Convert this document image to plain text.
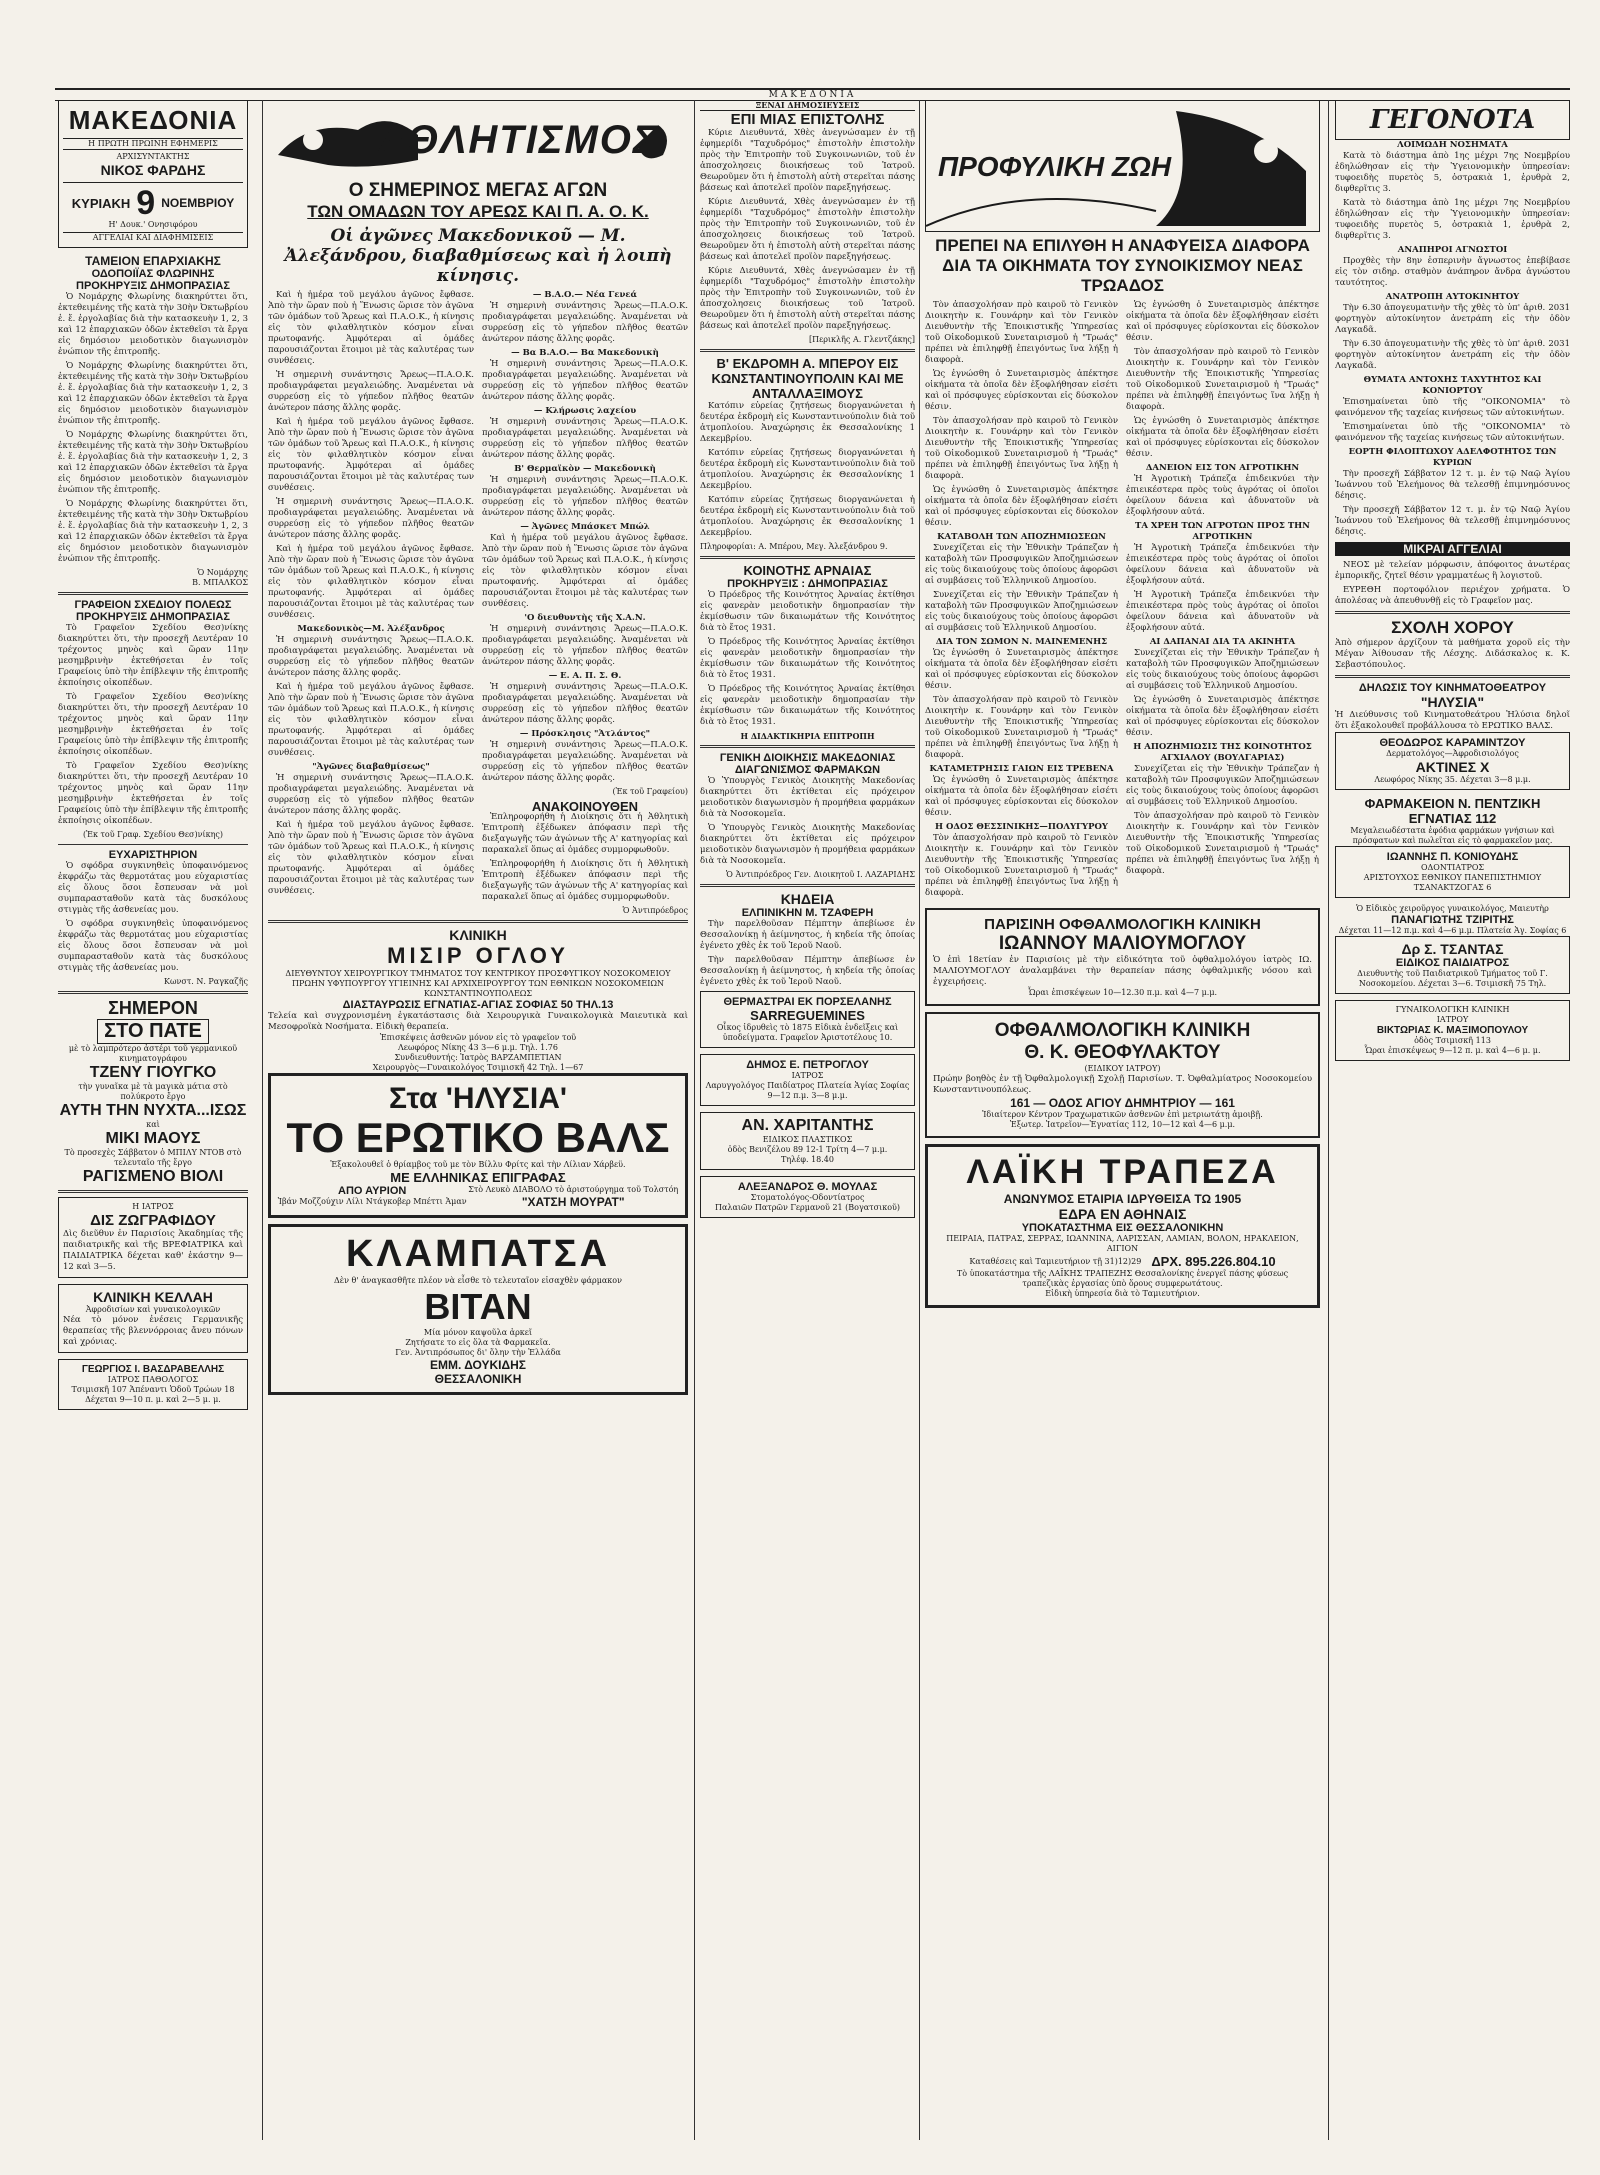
ΜΑΚΕΔΟΝΙΑ
ΜΑΚΕΔΟΝΙΑ
Η ΠΡΩΤΗ ΠΡΩΪΝΗ ΕΦΗΜΕΡΙΣ
ΑΡΧΙΣΥΝΤΑΚΤΗΣ
ΝΙΚΟΣ ΦΑΡΔΗΣ
ΚΥΡΙΑΚΗ 9 ΝΟΕΜΒΡΙΟΥ
Η' Δουκ.' Ονησιφόρου
ΑΓΓΕΛΙΑΙ ΚΑΙ ΔΙΑΦΗΜΙΣΕΙΣ
ΤΑΜΕΙΟΝ ΕΠΑΡΧΙΑΚΗΣ
ΟΔΟΠΟΙΪΑΣ ΦΛΩΡΙΝΗΣ
ΠΡΟΚΗΡΥΞΙΣ ΔΗΜΟΠΡΑΣΙΑΣ

Ὁ Νομάρχης Φλωρίνης διακηρύττει ὅτι, ἐκτεθειμένης τῆς κατὰ τὴν 30ὴν Ὀκτωβρίου ἐ. ἔ. ἐργολαβίας διὰ τὴν κατασκευὴν 1, 2, 3 καὶ 12 ἐπαρχιακῶν ὁδῶν ἐκτεθεῖσι τὰ ἔργα εἰς δημόσιον μειοδοτικὸν διαγωνισμὸν ἐνώπιον τῆς ἐπιτροπῆς.

Ὁ Νομάρχης Φλωρίνης διακηρύττει ὅτι, ἐκτεθειμένης τῆς κατὰ τὴν 30ὴν Ὀκτωβρίου ἐ. ἔ. ἐργολαβίας διὰ τὴν κατασκευὴν 1, 2, 3 καὶ 12 ἐπαρχιακῶν ὁδῶν ἐκτεθεῖσι τὰ ἔργα εἰς δημόσιον μειοδοτικὸν διαγωνισμὸν ἐνώπιον τῆς ἐπιτροπῆς.

Ὁ Νομάρχης Φλωρίνης διακηρύττει ὅτι, ἐκτεθειμένης τῆς κατὰ τὴν 30ὴν Ὀκτωβρίου ἐ. ἔ. ἐργολαβίας διὰ τὴν κατασκευὴν 1, 2, 3 καὶ 12 ἐπαρχιακῶν ὁδῶν ἐκτεθεῖσι τὰ ἔργα εἰς δημόσιον μειοδοτικὸν διαγωνισμὸν ἐνώπιον τῆς ἐπιτροπῆς.

Ὁ Νομάρχης Φλωρίνης διακηρύττει ὅτι, ἐκτεθειμένης τῆς κατὰ τὴν 30ὴν Ὀκτωβρίου ἐ. ἔ. ἐργολαβίας διὰ τὴν κατασκευὴν 1, 2, 3 καὶ 12 ἐπαρχιακῶν ὁδῶν ἐκτεθεῖσι τὰ ἔργα εἰς δημόσιον μειοδοτικὸν διαγωνισμὸν ἐνώπιον τῆς ἐπιτροπῆς.

Ὁ Νομάρχης
Β. ΜΠΑΛΚΟΣ
ΓΡΑΦΕΙΟΝ ΣΧΕΔΙΟΥ ΠΟΛΕΩΣ
ΠΡΟΚΗΡΥΞΙΣ ΔΗΜΟΠΡΑΣΙΑΣ

Τὸ Γραφεῖον Σχεδίου Θεσ)νίκης διακηρύττει ὅτι, τὴν προσεχῆ Δευτέραν 10 τρέχοντος μηνὸς καὶ ὥραν 11ην μεσημβρινὴν ἐκτεθήσεται ἐν τοῖς Γραφείοις ὑπὸ τὴν ἐπίβλεψιν τῆς ἐπιτροπῆς ἐκποίησις οἰκοπέδων.

Τὸ Γραφεῖον Σχεδίου Θεσ)νίκης διακηρύττει ὅτι, τὴν προσεχῆ Δευτέραν 10 τρέχοντος μηνὸς καὶ ὥραν 11ην μεσημβρινὴν ἐκτεθήσεται ἐν τοῖς Γραφείοις ὑπὸ τὴν ἐπίβλεψιν τῆς ἐπιτροπῆς ἐκποίησις οἰκοπέδων.

Τὸ Γραφεῖον Σχεδίου Θεσ)νίκης διακηρύττει ὅτι, τὴν προσεχῆ Δευτέραν 10 τρέχοντος μηνὸς καὶ ὥραν 11ην μεσημβρινὴν ἐκτεθήσεται ἐν τοῖς Γραφείοις ὑπὸ τὴν ἐπίβλεψιν τῆς ἐπιτροπῆς ἐκποίησις οἰκοπέδων.

(Ἐκ τοῦ Γραφ. Σχεδίου Θεσ)νίκης)
ΕΥΧΑΡΙΣΤΗΡΙΟΝ

Ὁ σφόδρα συγκινηθεὶς ὑποφαινόμενος ἐκφράζω τὰς θερμοτάτας μου εὐχαριστίας εἰς ὅλους ὅσοι ἔσπευσαν νὰ μοὶ συμπαρασταθοῦν κατὰ τὰς δυσκόλους στιγμὰς τῆς ἀσθενείας μου.

Ὁ σφόδρα συγκινηθεὶς ὑποφαινόμενος ἐκφράζω τὰς θερμοτάτας μου εὐχαριστίας εἰς ὅλους ὅσοι ἔσπευσαν νὰ μοὶ συμπαρασταθοῦν κατὰ τὰς δυσκόλους στιγμὰς τῆς ἀσθενείας μου.

Κωνστ. Ν. Ραγκαζῆς
ΣΗΜΕΡΟΝ
ΣΤΟ ΠΑΤΕ
μὲ τὸ λαμπρότερο ἀστέρι τοῦ γερμανικοῦ κινηματογράφου
ΤΖΕΝΥ ΓΙΟΥΓΚΟ
τὴν γυναῖκα μὲ τὰ μαγικὰ μάτια στὸ πολύκροτο ἔργο
ΑΥΤΗ ΤΗΝ ΝΥΧΤΑ...ΙΣΩΣ
καὶ
ΜΙΚΙ ΜΑΟΥΣ
Τὸ προσεχὲς Σάββατον ὁ ΜΠΙΛΥ ΝΤΟΒ στὸ τελευταῖο τῆς ἔργο
ΡΑΓΙΣΜΕΝΟ ΒΙΟΛΙ
Η ΙΑΤΡΟΣ
ΔΙΣ ΖΩΓΡΑΦΙΔΟΥ
Δὶς διεῦθυν ἐν Παρισίοις Ἀκαδημίας τῆς παιδιατρικῆς καὶ τῆς ΒΡΕΦΙΑΤΡΙΚΑ καὶ ΠΑΙΔΙΑΤΡΙΚΑ δέχεται καθ' ἑκάστην 9—12 καὶ 3—5.
ΚΛΙΝΙΚΗ ΚΕΛΛΑΗ
Ἀφροδισίων καὶ γυναικολογικῶν
Νέα τὸ μόνον ἐνέσεις Γερμανικῆς θεραπείας τῆς βλεννόρροιας ἄνευ πόνων καὶ χρόνιας.
ΓΕΩΡΓΙΟΣ Ι. ΒΑΣΔΡΑΒΕΛΛΗΣ
ΙΑΤΡΟΣ ΠΑΘΟΛΟΓΟΣ
Τσιμισκῆ 107 Ἀπέναντι Ὁδοῦ Τρώων 18
Δέχεται 9—10 π. μ. καὶ 2—5 μ. μ.
ΑΘΛΗΤΙΣΜΟΣ
Ο ΣΗΜΕΡΙΝΟΣ ΜΕΓΑΣ ΑΓΩΝ
ΤΩΝ ΟΜΑΔΩΝ ΤΟΥ ΑΡΕΩΣ ΚΑΙ Π. Α. Ο. Κ.
Οἱ ἀγῶνες Μακεδονικοῦ — Μ. Ἀλεξάνδρου, διαβαθμίσεως καὶ ἡ λοιπὴ κίνησις.

Καὶ ἡ ἡμέρα τοῦ μεγάλου ἀγῶνος ἔφθασε. Ἀπὸ τὴν ὥραν ποὺ ἡ Ἕνωσις ὥρισε τὸν ἀγῶνα τῶν ὁμάδων τοῦ Ἄρεως καὶ Π.Α.Ο.Κ., ἡ κίνησις εἰς τὸν φιλαθλητικὸν κόσμον εἶναι πρωτοφανής. Ἀμφότεραι αἱ ὁμάδες παρουσιάζονται ἕτοιμοι μὲ τὰς καλυτέρας των συνθέσεις.

Ἡ σημερινὴ συνάντησις Ἄρεως—Π.Α.Ο.Κ. προδιαγράφεται μεγαλειώδης. Ἀναμένεται νὰ συρρεύσῃ εἰς τὸ γήπεδον πλῆθος θεατῶν ἀνώτερον πάσης ἄλλης φορᾶς.

Καὶ ἡ ἡμέρα τοῦ μεγάλου ἀγῶνος ἔφθασε. Ἀπὸ τὴν ὥραν ποὺ ἡ Ἕνωσις ὥρισε τὸν ἀγῶνα τῶν ὁμάδων τοῦ Ἄρεως καὶ Π.Α.Ο.Κ., ἡ κίνησις εἰς τὸν φιλαθλητικὸν κόσμον εἶναι πρωτοφανής. Ἀμφότεραι αἱ ὁμάδες παρουσιάζονται ἕτοιμοι μὲ τὰς καλυτέρας των συνθέσεις.

Ἡ σημερινὴ συνάντησις Ἄρεως—Π.Α.Ο.Κ. προδιαγράφεται μεγαλειώδης. Ἀναμένεται νὰ συρρεύσῃ εἰς τὸ γήπεδον πλῆθος θεατῶν ἀνώτερον πάσης ἄλλης φορᾶς.

Καὶ ἡ ἡμέρα τοῦ μεγάλου ἀγῶνος ἔφθασε. Ἀπὸ τὴν ὥραν ποὺ ἡ Ἕνωσις ὥρισε τὸν ἀγῶνα τῶν ὁμάδων τοῦ Ἄρεως καὶ Π.Α.Ο.Κ., ἡ κίνησις εἰς τὸν φιλαθλητικὸν κόσμον εἶναι πρωτοφανής. Ἀμφότεραι αἱ ὁμάδες παρουσιάζονται ἕτοιμοι μὲ τὰς καλυτέρας των συνθέσεις.

Μακεδονικὸς—Μ. Ἀλέξανδρος

Ἡ σημερινὴ συνάντησις Ἄρεως—Π.Α.Ο.Κ. προδιαγράφεται μεγαλειώδης. Ἀναμένεται νὰ συρρεύσῃ εἰς τὸ γήπεδον πλῆθος θεατῶν ἀνώτερον πάσης ἄλλης φορᾶς.

Καὶ ἡ ἡμέρα τοῦ μεγάλου ἀγῶνος ἔφθασε. Ἀπὸ τὴν ὥραν ποὺ ἡ Ἕνωσις ὥρισε τὸν ἀγῶνα τῶν ὁμάδων τοῦ Ἄρεως καὶ Π.Α.Ο.Κ., ἡ κίνησις εἰς τὸν φιλαθλητικὸν κόσμον εἶναι πρωτοφανής. Ἀμφότεραι αἱ ὁμάδες παρουσιάζονται ἕτοιμοι μὲ τὰς καλυτέρας των συνθέσεις.

"Ἀγῶνες διαβαθμίσεως"

Ἡ σημερινὴ συνάντησις Ἄρεως—Π.Α.Ο.Κ. προδιαγράφεται μεγαλειώδης. Ἀναμένεται νὰ συρρεύσῃ εἰς τὸ γήπεδον πλῆθος θεατῶν ἀνώτερον πάσης ἄλλης φορᾶς.

Καὶ ἡ ἡμέρα τοῦ μεγάλου ἀγῶνος ἔφθασε. Ἀπὸ τὴν ὥραν ποὺ ἡ Ἕνωσις ὥρισε τὸν ἀγῶνα τῶν ὁμάδων τοῦ Ἄρεως καὶ Π.Α.Ο.Κ., ἡ κίνησις εἰς τὸν φιλαθλητικὸν κόσμον εἶναι πρωτοφανής. Ἀμφότεραι αἱ ὁμάδες παρουσιάζονται ἕτοιμοι μὲ τὰς καλυτέρας των συνθέσεις.

— Β.Α.Ο.— Νέα Γενεά

Ἡ σημερινὴ συνάντησις Ἄρεως—Π.Α.Ο.Κ. προδιαγράφεται μεγαλειώδης. Ἀναμένεται νὰ συρρεύσῃ εἰς τὸ γήπεδον πλῆθος θεατῶν ἀνώτερον πάσης ἄλλης φορᾶς.

— Βα Β.Α.Ο.— Βα Μακεδονικὴ

Ἡ σημερινὴ συνάντησις Ἄρεως—Π.Α.Ο.Κ. προδιαγράφεται μεγαλειώδης. Ἀναμένεται νὰ συρρεύσῃ εἰς τὸ γήπεδον πλῆθος θεατῶν ἀνώτερον πάσης ἄλλης φορᾶς.

— Κλήρωσις λαχείου

Ἡ σημερινὴ συνάντησις Ἄρεως—Π.Α.Ο.Κ. προδιαγράφεται μεγαλειώδης. Ἀναμένεται νὰ συρρεύσῃ εἰς τὸ γήπεδον πλῆθος θεατῶν ἀνώτερον πάσης ἄλλης φορᾶς.

Β' Θερμαϊκὸν — Μακεδονικὴ

Ἡ σημερινὴ συνάντησις Ἄρεως—Π.Α.Ο.Κ. προδιαγράφεται μεγαλειώδης. Ἀναμένεται νὰ συρρεύσῃ εἰς τὸ γήπεδον πλῆθος θεατῶν ἀνώτερον πάσης ἄλλης φορᾶς.

— Ἀγῶνες Μπάσκετ Μπώλ

Καὶ ἡ ἡμέρα τοῦ μεγάλου ἀγῶνος ἔφθασε. Ἀπὸ τὴν ὥραν ποὺ ἡ Ἕνωσις ὥρισε τὸν ἀγῶνα τῶν ὁμάδων τοῦ Ἄρεως καὶ Π.Α.Ο.Κ., ἡ κίνησις εἰς τὸν φιλαθλητικὸν κόσμον εἶναι πρωτοφανής. Ἀμφότεραι αἱ ὁμάδες παρουσιάζονται ἕτοιμοι μὲ τὰς καλυτέρας των συνθέσεις.

'Ο διευθυντὴς τῆς Χ.Α.Ν.

Ἡ σημερινὴ συνάντησις Ἄρεως—Π.Α.Ο.Κ. προδιαγράφεται μεγαλειώδης. Ἀναμένεται νὰ συρρεύσῃ εἰς τὸ γήπεδον πλῆθος θεατῶν ἀνώτερον πάσης ἄλλης φορᾶς.

— Ε. Α. Π. Σ. Θ.

Ἡ σημερινὴ συνάντησις Ἄρεως—Π.Α.Ο.Κ. προδιαγράφεται μεγαλειώδης. Ἀναμένεται νὰ συρρεύσῃ εἰς τὸ γήπεδον πλῆθος θεατῶν ἀνώτερον πάσης ἄλλης φορᾶς.

— Πρόσκλησις "Ἀτλάντος"

Ἡ σημερινὴ συνάντησις Ἄρεως—Π.Α.Ο.Κ. προδιαγράφεται μεγαλειώδης. Ἀναμένεται νὰ συρρεύσῃ εἰς τὸ γήπεδον πλῆθος θεατῶν ἀνώτερον πάσης ἄλλης φορᾶς.

(Ἐκ τοῦ Γραφείου)
ΑΝΑΚΟΙΝΟΥΘΕΝ

Ἐπληροφορήθη ἡ Διοίκησις ὅτι ἡ Ἀθλητικὴ Ἐπιτροπὴ ἐξέδωκεν ἀπόφασιν περὶ τῆς διεξαγωγῆς τῶν ἀγώνων τῆς Α' κατηγορίας καὶ παρακαλεῖ ὅπως αἱ ὁμάδες συμμορφωθοῦν.

Ἐπληροφορήθη ἡ Διοίκησις ὅτι ἡ Ἀθλητικὴ Ἐπιτροπὴ ἐξέδωκεν ἀπόφασιν περὶ τῆς διεξαγωγῆς τῶν ἀγώνων τῆς Α' κατηγορίας καὶ παρακαλεῖ ὅπως αἱ ὁμάδες συμμορφωθοῦν.

Ὁ Ἀντιπρόεδρος
ΚΛΙΝΙΚΗ
ΜΙΣΙΡ ΟΓΛΟΥ
ΔΙΕΥΘΥΝΤΟΥ ΧΕΙΡΟΥΡΓΙΚΟΥ ΤΜΗΜΑΤΟΣ ΤΟΥ ΚΕΝΤΡΙΚΟΥ ΠΡΟΣΦΥΓΙΚΟΥ ΝΟΣΟΚΟΜΕΙΟΥ
ΠΡΩΗΝ ΥΦΥΠΟΥΡΓΟΥ ΥΓΙΕΙΝΗΣ ΚΑΙ ΑΡΧΙΧΕΙΡΟΥΡΓΟΥ ΤΩΝ ΕΘΝΙΚΩΝ ΝΟΣΟΚΟΜΕΙΩΝ ΚΩΝΣΤΑΝΤΙΝΟΥΠΟΛΕΩΣ
ΔΙΑΣΤΑΥΡΩΣΙΣ ΕΓΝΑΤΙΑΣ-ΑΓΙΑΣ ΣΟΦΙΑΣ 50 ΤΗΛ.13
Τελεία καὶ συγχρονισμένη ἐγκατάστασις διὰ Χειρουργικὰ Γυναικολογικὰ Μαιευτικὰ καὶ Μεσοφροϊκὰ Νοσήματα. Εἰδικὴ θεραπεία.
Ἐπισκέψεις ἀσθενῶν μόνον εἰς τὸ γραφεῖον τοῦ
Λεωφόρος Νίκης 43 3—6 μ.μ. Τηλ. 1.76
Συνδιευθυντής: Ἰατρὸς ΒΑΡΖΑΜΠΕΤΙΑΝ
Χειρουργὸς—Γυναικολόγος Τσιμισκῆ 42 Τηλ. 1—67
Στα 'ΗΛΥΣΙΑ'
ΤΟ ΕΡΩΤΙΚΟ ΒΑΛΣ
Ἐξακολουθεῖ ὁ θρίαμβος τοῦ με τὸν Βίλλυ Φρίτς καὶ τὴν Λίλιαν Χάρβεϋ.
ΜΕ ΕΛΛΗΝΙΚΑΣ ΕΠΙΓΡΑΦΑΣ
ΑΠΟ ΑΥΡΙΟΝ
Ἰβάν Μοζζούχιν Λίλι Ντάγκοβερ Μπέττι Ἀμαν
Στὸ Λευκὸ ΔΙΑΒΟΛΟ τὸ ἀριστούργημα τοῦ Τολστόη
"ΧΑΤΣΗ ΜΟΥΡΑΤ"
ΚΛΑΜΠΑΤΣΑ
Δὲν θ' ἀναγκασθῆτε πλέον νὰ εἶσθε τὸ τελευταῖον εἰσαχθὲν φάρμακον
ΒΙΤΑΝ
Μία μόνον καψοῦλα ἀρκεῖ
Ζητήσατε το εἰς ὅλα τὰ Φαρμακεῖα.
Γεν. Ἀντιπρόσωπος δι' ὅλην τὴν Ἑλλάδα
ΕΜΜ. ΔΟΥΚΙΔΗΣ
ΘΕΣΣΑΛΟΝΙΚΗ
ΞΕΝΑΙ ΔΗΜΟΣΙΕΥΣΕΙΣ
ΕΠΙ ΜΙΑΣ ΕΠΙΣΤΟΛΗΣ

Κύριε Διευθυντά, Χθὲς ἀνεγνώσαμεν ἐν τῇ ἐφημερίδι "Ταχυδρόμος" ἐπιστολὴν ἐπιστολὴν πρὸς τὴν Ἐπιτροπὴν τοῦ Συγκοινωνιῶν, τοῦ ἐν ἀποσχολησεις διοικήσεως τοῦ Ἱατροῦ. Θεωροῦμεν ὅτι ἡ ἐπιστολὴ αὐτὴ στερεῖται πάσης βάσεως καὶ ἀποτελεῖ προϊὸν παρεξηγήσεως.

Κύριε Διευθυντά, Χθὲς ἀνεγνώσαμεν ἐν τῇ ἐφημερίδι "Ταχυδρόμος" ἐπιστολὴν ἐπιστολὴν πρὸς τὴν Ἐπιτροπὴν τοῦ Συγκοινωνιῶν, τοῦ ἐν ἀποσχολησεις διοικήσεως τοῦ Ἱατροῦ. Θεωροῦμεν ὅτι ἡ ἐπιστολὴ αὐτὴ στερεῖται πάσης βάσεως καὶ ἀποτελεῖ προϊὸν παρεξηγήσεως.

Κύριε Διευθυντά, Χθὲς ἀνεγνώσαμεν ἐν τῇ ἐφημερίδι "Ταχυδρόμος" ἐπιστολὴν ἐπιστολὴν πρὸς τὴν Ἐπιτροπὴν τοῦ Συγκοινωνιῶν, τοῦ ἐν ἀποσχολησεις διοικήσεως τοῦ Ἱατροῦ. Θεωροῦμεν ὅτι ἡ ἐπιστολὴ αὐτὴ στερεῖται πάσης βάσεως καὶ ἀποτελεῖ προϊὸν παρεξηγήσεως.

[Περικλῆς Α. Γλεντζάκης]
Β' ΕΚΔΡΟΜΗ Α. ΜΠΕΡΟΥ ΕΙΣ ΚΩΝΣΤΑΝΤΙΝΟΥΠΟΛΙΝ ΚΑΙ ΜΕ ΑΝΤΑΛΛΑΞΙΜΟΥΣ

Κατόπιν εὐρείας ζητήσεως διοργανώνεται ἡ δευτέρα ἐκδρομὴ εἰς Κωνσταντινούπολιν διὰ τοῦ ἀτμοπλοίου. Ἀναχώρησις ἐκ Θεσσαλονίκης 1 Δεκεμβρίου.

Κατόπιν εὐρείας ζητήσεως διοργανώνεται ἡ δευτέρα ἐκδρομὴ εἰς Κωνσταντινούπολιν διὰ τοῦ ἀτμοπλοίου. Ἀναχώρησις ἐκ Θεσσαλονίκης 1 Δεκεμβρίου.

Κατόπιν εὐρείας ζητήσεως διοργανώνεται ἡ δευτέρα ἐκδρομὴ εἰς Κωνσταντινούπολιν διὰ τοῦ ἀτμοπλοίου. Ἀναχώρησις ἐκ Θεσσαλονίκης 1 Δεκεμβρίου.

Πληροφορίαι: Α. Μπέρου, Μεγ. Ἀλεξάνδρου 9.
ΚΟΙΝΟΤΗΣ ΑΡΝΑΙΑΣ
ΠΡΟΚΗΡΥΞΙΣ : ΔΗΜΟΠΡΑΣΙΑΣ

Ὁ Πρόεδρος τῆς Κοινότητος Ἀρναίας ἐκτίθησι εἰς φανερὰν μειοδοτικὴν δημοπρασίαν τὴν ἐκμίσθωσιν τῶν δικαιωμάτων τῆς Κοινότητος διὰ τὸ ἔτος 1931.

Ὁ Πρόεδρος τῆς Κοινότητος Ἀρναίας ἐκτίθησι εἰς φανερὰν μειοδοτικὴν δημοπρασίαν τὴν ἐκμίσθωσιν τῶν δικαιωμάτων τῆς Κοινότητος διὰ τὸ ἔτος 1931.

Ὁ Πρόεδρος τῆς Κοινότητος Ἀρναίας ἐκτίθησι εἰς φανερὰν μειοδοτικὴν δημοπρασίαν τὴν ἐκμίσθωσιν τῶν δικαιωμάτων τῆς Κοινότητος διὰ τὸ ἔτος 1931.

Η ΔΙΔΑΚΤΙΚΗΡΙΑ ΕΠΙΤΡΟΠΗ
ΓΕΝΙΚΗ ΔΙΟΙΚΗΣΙΣ ΜΑΚΕΔΟΝΙΑΣ
ΔΙΑΓΩΝΙΣΜΟΣ ΦΑΡΜΑΚΩΝ

Ὁ Ὑπουργὸς Γενικὸς Διοικητὴς Μακεδονίας διακηρύττει ὅτι ἐκτίθεται εἰς πρόχειρον μειοδοτικὸν διαγωνισμὸν ἡ προμήθεια φαρμάκων διὰ τὰ Νοσοκομεῖα.

Ὁ Ὑπουργὸς Γενικὸς Διοικητὴς Μακεδονίας διακηρύττει ὅτι ἐκτίθεται εἰς πρόχειρον μειοδοτικὸν διαγωνισμὸν ἡ προμήθεια φαρμάκων διὰ τὰ Νοσοκομεῖα.

Ὁ Ἀντιπρόεδρος Γεν. Διοικητοῦ Ι. ΛΑΖΑΡΙΔΗΣ
ΚΗΔΕΙΑ
ΕΛΠΙΝΙΚΗΝ Μ. ΤΖΑΦΕΡΗ

Τὴν παρελθοῦσαν Πέμπτην ἀπεβίωσε ἐν Θεσσαλονίκῃ ἡ ἀείμνηστος, ἡ κηδεία τῆς ὁποίας ἐγένετο χθὲς ἐκ τοῦ Ἱεροῦ Ναοῦ.

Τὴν παρελθοῦσαν Πέμπτην ἀπεβίωσε ἐν Θεσσαλονίκῃ ἡ ἀείμνηστος, ἡ κηδεία τῆς ὁποίας ἐγένετο χθὲς ἐκ τοῦ Ἱεροῦ Ναοῦ.

ΘΕΡΜΑΣΤΡΑΙ ΕΚ ΠΟΡΣΕΛΑΝΗΣ
SARREGUEMINES
Οἶκος ἱδρυθεὶς τὸ 1875 Εἰδικὰ ἐνδεῖξεις καὶ ὑποδείγματα. Γραφεῖον Ἀριστοτέλους 10.
ΔΗΜΟΣ Ε. ΠΕΤΡΟΓΛΟΥ
ΙΑΤΡΟΣ
Λαρυγγολόγος Παιδίατρος Πλατεία Ἁγίας Σοφίας 9—12 π.μ. 3—8 μ.μ.
ΑΝ. ΧΑΡΙΤΑΝΤΗΣ
ΕΙΔΙΚΟΣ ΠΛΑΣΤΙΚΟΣ
ὁδὸς Βενιζέλου 89 12-1 Τρίτη 4—7 μ.μ.
Τηλέφ. 18.40
ΑΛΕΞΑΝΔΡΟΣ Θ. ΜΟΥΛΑΣ
Στοματολόγος-Οδοντίατρος
Παλαιῶν Πατρῶν Γερμανοῦ 21 (Βογατσικοῦ)
ΠΡΟΦΥΛΙΚΗ ΖΩΗ
ΠΡΕΠΕΙ ΝΑ ΕΠΙΛΥΘΗ Η ΑΝΑΦΥΕΙΣΑ ΔΙΑΦΟΡΑ ΔΙΑ ΤΑ ΟΙΚΗΜΑΤΑ ΤΟΥ ΣΥΝΟΙΚΙΣΜΟΥ ΝΕΑΣ ΤΡΩΑΔΟΣ

Τὸν ἀπασχολήσαν πρὸ καιροῦ τὸ Γενικὸν Διοικητὴν κ. Γουνάρην καὶ τὸν Γενικὸν Διευθυντὴν τῆς Ἐποικιστικῆς Ὑπηρεσίας τοῦ Οἰκοδομικοῦ Συνεταιρισμοῦ ἡ "Τρωάς" πρέπει νὰ ἐπιληφθῇ ἐπειγόντως ἵνα λήξῃ ἡ διαφορὰ.

Ὡς ἐγνώσθη ὁ Συνεταιρισμὸς ἀπέκτησε οἰκήματα τὰ ὁποῖα δὲν ἐξοφλήθησαν εἰσέτι καὶ οἱ πρόσφυγες εὑρίσκονται εἰς δύσκολον θέσιν.

Τὸν ἀπασχολήσαν πρὸ καιροῦ τὸ Γενικὸν Διοικητὴν κ. Γουνάρην καὶ τὸν Γενικὸν Διευθυντὴν τῆς Ἐποικιστικῆς Ὑπηρεσίας τοῦ Οἰκοδομικοῦ Συνεταιρισμοῦ ἡ "Τρωάς" πρέπει νὰ ἐπιληφθῇ ἐπειγόντως ἵνα λήξῃ ἡ διαφορὰ.

Ὡς ἐγνώσθη ὁ Συνεταιρισμὸς ἀπέκτησε οἰκήματα τὰ ὁποῖα δὲν ἐξοφλήθησαν εἰσέτι καὶ οἱ πρόσφυγες εὑρίσκονται εἰς δύσκολον θέσιν.

ΚΑΤΑΒΟΛΗ ΤΩΝ ΑΠΟΖΗΜΙΩΣΕΩΝ

Συνεχίζεται εἰς τὴν Ἐθνικὴν Τράπεζαν ἡ καταβολὴ τῶν Προσφυγικῶν Ἀποζημιώσεων εἰς τοὺς δικαιούχους τοὺς ὁποίους ἀφορῶσι αἱ συμβάσεις τοῦ Ἑλληνικοῦ Δημοσίου.

Συνεχίζεται εἰς τὴν Ἐθνικὴν Τράπεζαν ἡ καταβολὴ τῶν Προσφυγικῶν Ἀποζημιώσεων εἰς τοὺς δικαιούχους τοὺς ὁποίους ἀφορῶσι αἱ συμβάσεις τοῦ Ἑλληνικοῦ Δημοσίου.

ΔΙΑ ΤΟΝ ΣΩΜΟΝ Ν. ΜΑΙΝΕΜΕΝΗΣ

Ὡς ἐγνώσθη ὁ Συνεταιρισμὸς ἀπέκτησε οἰκήματα τὰ ὁποῖα δὲν ἐξοφλήθησαν εἰσέτι καὶ οἱ πρόσφυγες εὑρίσκονται εἰς δύσκολον θέσιν.

Τὸν ἀπασχολήσαν πρὸ καιροῦ τὸ Γενικὸν Διοικητὴν κ. Γουνάρην καὶ τὸν Γενικὸν Διευθυντὴν τῆς Ἐποικιστικῆς Ὑπηρεσίας τοῦ Οἰκοδομικοῦ Συνεταιρισμοῦ ἡ "Τρωάς" πρέπει νὰ ἐπιληφθῇ ἐπειγόντως ἵνα λήξῃ ἡ διαφορὰ.

ΚΑΤΑΜΕΤΡΗΣΙΣ ΓΑΙΩΝ ΕΙΣ ΤΡΕΒΕΝΑ

Ὡς ἐγνώσθη ὁ Συνεταιρισμὸς ἀπέκτησε οἰκήματα τὰ ὁποῖα δὲν ἐξοφλήθησαν εἰσέτι καὶ οἱ πρόσφυγες εὑρίσκονται εἰς δύσκολον θέσιν.

Η ΟΔΟΣ ΘΕΣΣΙΝΙΚΗΣ—ΠΟΛΥΓΥΡΟΥ

Τὸν ἀπασχολήσαν πρὸ καιροῦ τὸ Γενικὸν Διοικητὴν κ. Γουνάρην καὶ τὸν Γενικὸν Διευθυντὴν τῆς Ἐποικιστικῆς Ὑπηρεσίας τοῦ Οἰκοδομικοῦ Συνεταιρισμοῦ ἡ "Τρωάς" πρέπει νὰ ἐπιληφθῇ ἐπειγόντως ἵνα λήξῃ ἡ διαφορὰ.

Ὡς ἐγνώσθη ὁ Συνεταιρισμὸς ἀπέκτησε οἰκήματα τὰ ὁποῖα δὲν ἐξοφλήθησαν εἰσέτι καὶ οἱ πρόσφυγες εὑρίσκονται εἰς δύσκολον θέσιν.

Τὸν ἀπασχολήσαν πρὸ καιροῦ τὸ Γενικὸν Διοικητὴν κ. Γουνάρην καὶ τὸν Γενικὸν Διευθυντὴν τῆς Ἐποικιστικῆς Ὑπηρεσίας τοῦ Οἰκοδομικοῦ Συνεταιρισμοῦ ἡ "Τρωάς" πρέπει νὰ ἐπιληφθῇ ἐπειγόντως ἵνα λήξῃ ἡ διαφορὰ.

Ὡς ἐγνώσθη ὁ Συνεταιρισμὸς ἀπέκτησε οἰκήματα τὰ ὁποῖα δὲν ἐξοφλήθησαν εἰσέτι καὶ οἱ πρόσφυγες εὑρίσκονται εἰς δύσκολον θέσιν.

ΔΑΝΕΙΟΝ ΕΙΣ ΤΟΝ ΑΓΡΟΤΙΚΗΝ

Ἡ Ἀγροτικὴ Τράπεζα ἐπιδεικνύει τὴν ἐπιεικέστερα πρὸς τοὺς ἀγρότας οἱ ὁποῖοι ὀφείλουν δάνεια καὶ ἀδυνατοῦν νὰ ἐξοφλήσουν αὐτά.

ΤΑ ΧΡΕΗ ΤΩΝ ΑΓΡΟΤΩΝ ΠΡΟΣ ΤΗΝ ΑΓΡΟΤΙΚΗΝ

Ἡ Ἀγροτικὴ Τράπεζα ἐπιδεικνύει τὴν ἐπιεικέστερα πρὸς τοὺς ἀγρότας οἱ ὁποῖοι ὀφείλουν δάνεια καὶ ἀδυνατοῦν νὰ ἐξοφλήσουν αὐτά.

Ἡ Ἀγροτικὴ Τράπεζα ἐπιδεικνύει τὴν ἐπιεικέστερα πρὸς τοὺς ἀγρότας οἱ ὁποῖοι ὀφείλουν δάνεια καὶ ἀδυνατοῦν νὰ ἐξοφλήσουν αὐτά.

ΑΙ ΔΑΠΑΝΑΙ ΔΙΑ ΤΑ ΑΚΙΝΗΤΑ

Συνεχίζεται εἰς τὴν Ἐθνικὴν Τράπεζαν ἡ καταβολὴ τῶν Προσφυγικῶν Ἀποζημιώσεων εἰς τοὺς δικαιούχους τοὺς ὁποίους ἀφορῶσι αἱ συμβάσεις τοῦ Ἑλληνικοῦ Δημοσίου.

Ὡς ἐγνώσθη ὁ Συνεταιρισμὸς ἀπέκτησε οἰκήματα τὰ ὁποῖα δὲν ἐξοφλήθησαν εἰσέτι καὶ οἱ πρόσφυγες εὑρίσκονται εἰς δύσκολον θέσιν.

Η ΑΠΟΖΗΜΙΩΣΙΣ ΤΗΣ ΚΟΙΝΟΤΗΤΟΣ ΑΓΧΙΑΛΟΥ (ΒΟΥΛΓΑΡΙΑΣ)

Συνεχίζεται εἰς τὴν Ἐθνικὴν Τράπεζαν ἡ καταβολὴ τῶν Προσφυγικῶν Ἀποζημιώσεων εἰς τοὺς δικαιούχους τοὺς ὁποίους ἀφορῶσι αἱ συμβάσεις τοῦ Ἑλληνικοῦ Δημοσίου.

Τὸν ἀπασχολήσαν πρὸ καιροῦ τὸ Γενικὸν Διοικητὴν κ. Γουνάρην καὶ τὸν Γενικὸν Διευθυντὴν τῆς Ἐποικιστικῆς Ὑπηρεσίας τοῦ Οἰκοδομικοῦ Συνεταιρισμοῦ ἡ "Τρωάς" πρέπει νὰ ἐπιληφθῇ ἐπειγόντως ἵνα λήξῃ ἡ διαφορὰ.

ΠΑΡΙΣΙΝΗ ΟΦΘΑΛΜΟΛΟΓΙΚΗ ΚΛΙΝΙΚΗ
ΙΩΑΝΝΟΥ ΜΑΛΙΟΥΜΟΓΛΟΥ
Ὁ ἐπὶ 18ετίαν ἐν Παρισίοις μὲ τὴν εἰδικότητα τοῦ ὀφθαλμολόγου ἰατρὸς ΙΩ. ΜΑΛΙΟΥΜΟΓΛΟΥ ἀναλαμβάνει τὴν θεραπείαν πάσης ὀφθαλμικῆς νόσου καὶ ἐγχειρήσεις.
Ὧραι ἐπισκέψεων 10—12.30 π.μ. καὶ 4—7 μ.μ.
ΟΦΘΑΛΜΟΛΟΓΙΚΗ ΚΛΙΝΙΚΗ
Θ. Κ. ΘΕΟΦΥΛΑΚΤΟΥ
(ΕΙΔΙΚΟΥ ΙΑΤΡΟΥ)
Πρώην βοηθὸς ἐν τῇ Ὀφθαλμολογικῇ Σχολῇ Παρισίων. Τ. Ὀφθαλμίατρος Νοσοκομείου Κωνσταντινουπόλεως.
161 — ΟΔΟΣ ΑΓΙΟΥ ΔΗΜΗΤΡΙΟΥ — 161
Ἰδιαίτερον Κέντρον Τραχωματικῶν ἀσθενῶν ἐπὶ μετριωτάτῃ ἀμοιβῇ.
Ἐξωτερ. Ἰατρεῖον—Ἐγνατίας 112, 10—12 καὶ 4—6 μ.μ.
ΛΑΪΚΗ ΤΡΑΠΕΖΑ
ΑΝΩΝΥΜΟΣ ΕΤΑΙΡΙΑ ΙΔΡΥΘΕΙΣΑ ΤΩ 1905
ΕΔΡΑ ΕΝ ΑΘΗΝΑΙΣ
ΥΠΟΚΑΤΑΣΤΗΜΑ ΕΙΣ ΘΕΣΣΑΛΟΝΙΚΗΝ
ΠΕΙΡΑΙΑ, ΠΑΤΡΑΣ, ΣΕΡΡΑΣ, ΙΩΑΝΝΙΝΑ, ΛΑΡΙΣΣΑΝ, ΛΑΜΙΑΝ, ΒΟΛΟΝ, ΗΡΑΚΛΕΙΟΝ, ΑΙΓΙΟΝ
Καταθέσεις καὶ Ταμιευτήριον τῇ 31)12)29 ΔΡΧ. 895.226.804.10
Τὸ ὑποκατάστημα τῆς ΛΑΪΚΗΣ ΤΡΑΠΕΖΗΣ Θεσσαλονίκης ἐνεργεῖ πάσης φύσεως τραπεζικὰς ἐργασίας ὑπὸ ὅρους συμφερωτάτους.
Εἰδικὴ ὑπηρεσία διὰ τὸ Ταμιευτήριον.
ΓΕΓΟΝΟΤΑ
ΛΟΙΜΩΔΗ ΝΟΣΗΜΑΤΑ

Κατὰ τὸ διάστημα ἀπὸ 1ης μέχρι 7ης Νοεμβρίου ἐδηλώθησαν εἰς τὴν Ὑγειονομικὴν ὑπηρεσίαν: τυφοειδὴς πυρετὸς 5, ὀστρακιὰ 1, ἐρυθρὰ 2, διφθερῖτις 3.

Κατὰ τὸ διάστημα ἀπὸ 1ης μέχρι 7ης Νοεμβρίου ἐδηλώθησαν εἰς τὴν Ὑγειονομικὴν ὑπηρεσίαν: τυφοειδὴς πυρετὸς 5, ὀστρακιὰ 1, ἐρυθρὰ 2, διφθερῖτις 3.

ΑΝΑΠΗΡΟΙ ΑΓΝΩΣΤΟΙ

Προχθὲς τὴν 8ην ἐσπερινὴν ἄγνωστος ἐπεβίβασε εἰς τὸν σιδηρ. σταθμὸν ἀνάπηρον ἄνδρα ἀγνώστου ταυτότητος.

ΑΝΑΤΡΟΠΗ ΑΥΤΟΚΙΝΗΤΟΥ

Τὴν 6.30 ἀπογευματινὴν τῆς χθὲς τὸ ὑπ' ἀριθ. 2031 φορτηγὸν αὐτοκίνητον ἀνετράπη εἰς τὴν ὁδὸν Λαγκαδᾶ.

Τὴν 6.30 ἀπογευματινὴν τῆς χθὲς τὸ ὑπ' ἀριθ. 2031 φορτηγὸν αὐτοκίνητον ἀνετράπη εἰς τὴν ὁδὸν Λαγκαδᾶ.

ΘΥΜΑΤΑ ΑΝΤΟΧΗΣ ΤΑΧΥΤΗΤΟΣ ΚΑΙ ΚΟΝΙΟΡΤΟΥ

Ἐπισημαίνεται ὑπὸ τῆς "ΟΙΚΟΝΟΜΙΑ" τὸ φαινόμενον τῆς ταχείας κινήσεως τῶν αὐτοκινήτων.

Ἐπισημαίνεται ὑπὸ τῆς "ΟΙΚΟΝΟΜΙΑ" τὸ φαινόμενον τῆς ταχείας κινήσεως τῶν αὐτοκινήτων.

ΕΟΡΤΗ ΦΙΛΟΠΤΩΧΟΥ ΑΔΕΛΦΟΤΗΤΟΣ ΤΩΝ ΚΥΡΙΩΝ

Τὴν προσεχῆ Σάββατον 12 τ. μ. ἐν τῷ Ναῷ Ἁγίου Ἰωάννου τοῦ Ἐλεήμονος θὰ τελεσθῇ ἐπιμνημόσυνος δέησις.

Τὴν προσεχῆ Σάββατον 12 τ. μ. ἐν τῷ Ναῷ Ἁγίου Ἰωάννου τοῦ Ἐλεήμονος θὰ τελεσθῇ ἐπιμνημόσυνος δέησις.

ΜΙΚΡΑΙ ΑΓΓΕΛΙΑΙ

ΝΕΟΣ μὲ τελείαν μόρφωσιν, ἀπόφοιτος ἀνωτέρας ἐμπορικῆς, ζητεῖ θέσιν γραμματέως ἢ λογιστοῦ.

ΕΥΡΕΘΗ πορτοφόλιον περιέχον χρήματα. Ὁ ἀπολέσας νὰ ἀπευθυνθῇ εἰς τὸ Γραφεῖον μας.

ΣΧΟΛΗ ΧΟΡΟΥ
Ἀπὸ σήμερον ἀρχίζουν τὰ μαθήματα χοροῦ εἰς τὴν Μέγαν Ἀίθουσαν τῆς Λέσχης. Διδάσκαλος κ. Κ. Σεβαστόπουλος.
ΔΗΛΩΣΙΣ ΤΟΥ ΚΙΝΗΜΑΤΟΘΕΑΤΡΟΥ
"ΗΛΥΣΙΑ"
Ἡ Διεύθυνσις τοῦ Κινηματοθεάτρου Ἠλύσια δηλοῖ ὅτι ἐξακολουθεῖ προβάλλουσα τὸ ΕΡΩΤΙΚΟ ΒΑΛΣ.
ΘΕΟΔΩΡΟΣ ΚΑΡΑΜΙΝΤΖΟΥ
Δερματολόγος—Ἀφροδισιολόγος
ΑΚΤΙΝΕΣ Χ
Λεωφόρος Νίκης 35. Δέχεται 3—8 μ.μ.
ΦΑΡΜΑΚΕΙΟΝ Ν. ΠΕΝΤΖΙΚΗ
ΕΓΝΑΤΙΑΣ 112
Μεγαλειωδέστατα ἐφόδια φαρμάκων γνήσιων καὶ πρόσφατων καὶ πωλεῖται εἰς τὸ φαρμακεῖον μας.
ΙΩΑΝΝΗΣ Π. ΚΟΝΙΟΥΔΗΣ
ΟΔΟΝΤΙΑΤΡΟΣ
ΑΡΙΣΤΟΥΧΟΣ ΕΘΝΙΚΟΥ ΠΑΝΕΠΙΣΤΗΜΙΟΥ
ΤΣΑΝΑΚΤΖΟΓΑΣ 6
Ὁ Εἰδικὸς χειροῦργος γυναικολόγος, Μαιευτὴρ
ΠΑΝΑΓΙΩΤΗΣ ΤΖΙΡΙΤΗΣ
Δέχεται 11—12 π.μ. καὶ 4—6 μ.μ. Πλατεία Ἁγ. Σοφίας 6
Δρ Σ. ΤΣΑΝΤΑΣ
ΕΙΔΙΚΟΣ ΠΑΙΔΙΑΤΡΟΣ
Διευθυντὴς τοῦ Παιδιατρικοῦ Τμήματος τοῦ Γ. Νοσοκομείου. Δέχεται 3—6. Τσιμισκῆ 75 Τηλ.
ΓΥΝΑΙΚΟΛΟΓΙΚΗ ΚΛΙΝΙΚΗ
ΙΑΤΡΟΥ
ΒΙΚΤΩΡΙΑΣ Κ. ΜΑΞΙΜΟΠΟΥΛΟΥ
ὁδὸς Τσιμισκῆ 113
Ὧραι ἐπισκέψεως 9—12 π. μ. καὶ 4—6 μ. μ.
